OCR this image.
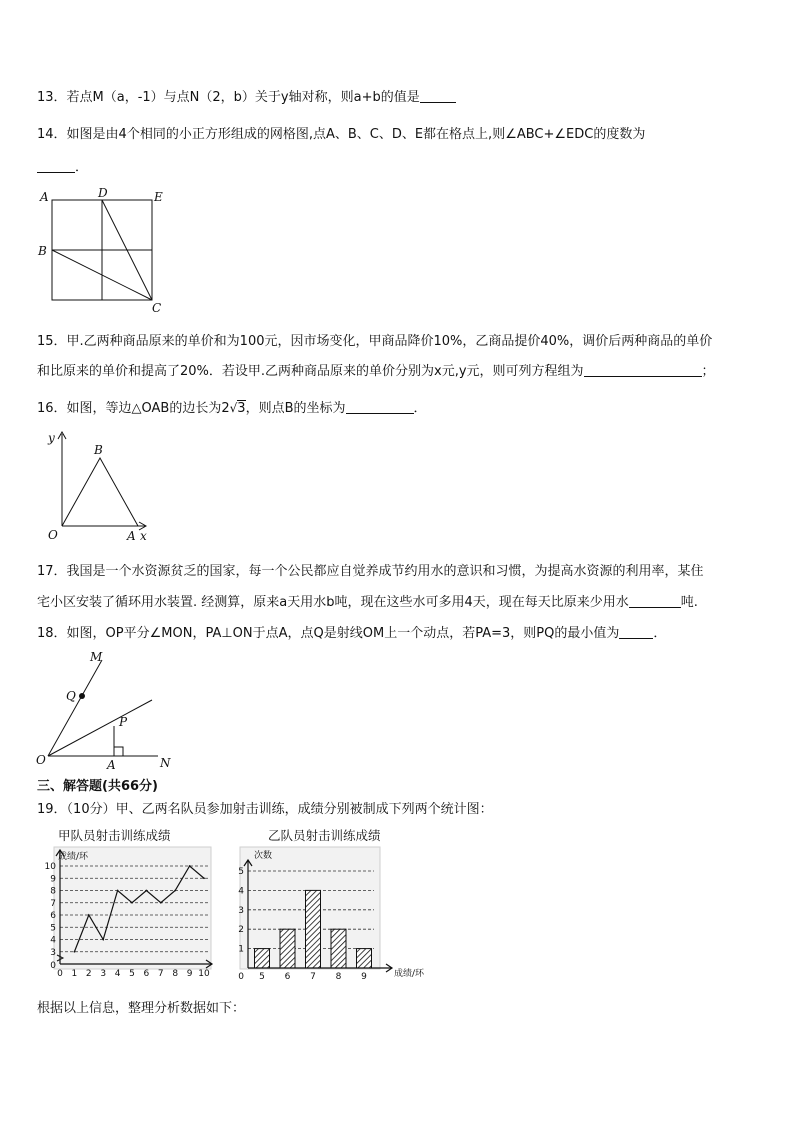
13．若点M（a，-1）与点N（2，b）关于y轴对称，则a+b的值是
14．如图是由4个相同的小正方形组成的网格图,点A、B、C、D、E都在格点上,则∠ABC+∠EDC的度数为
．
A	D	E
B
C
15．甲.乙两种商品原来的单价和为100元，因市场变化，甲商品降价10%，乙商品提价40%，调价后两种商品的单价
和比原来的单价和提高了20%．若设甲.乙两种商品原来的单价分别为x元,y元，则可列方程组为	；
16．如图，等边△OAB的边长为2√3，则点B的坐标为	．
y
x
O	A
B
17．我国是一个水资源贫乏的国家，每一个公民都应自觉养成节约用水的意识和习惯，为提高水资源的利用率，某住
宅小区安装了循环用水装置. 经测算，原来a天用水b吨，现在这些水可多用4天，现在每天比原来少用水	吨.
18．如图，OP平分∠MON，PA⊥ON于点A，点Q是射线OM上一个动点，若PA=3，则PQ的最小值为	．
M
Q
P
O	A	N
三、解答题(共66分)
19．（10分）甲、乙两名队员参加射击训练，成绩分别被制成下列两个统计图：
甲队员射击训练成绩	乙队员射击训练成绩
0
3
4
5
6
7
8
9
10
0 1 2 3 4 5 6 7 8 9 10
成绩/环
5 6 7 8 9
0
1
2
3
4
5
次数
成绩/环
根据以上信息，整理分析数据如下：
